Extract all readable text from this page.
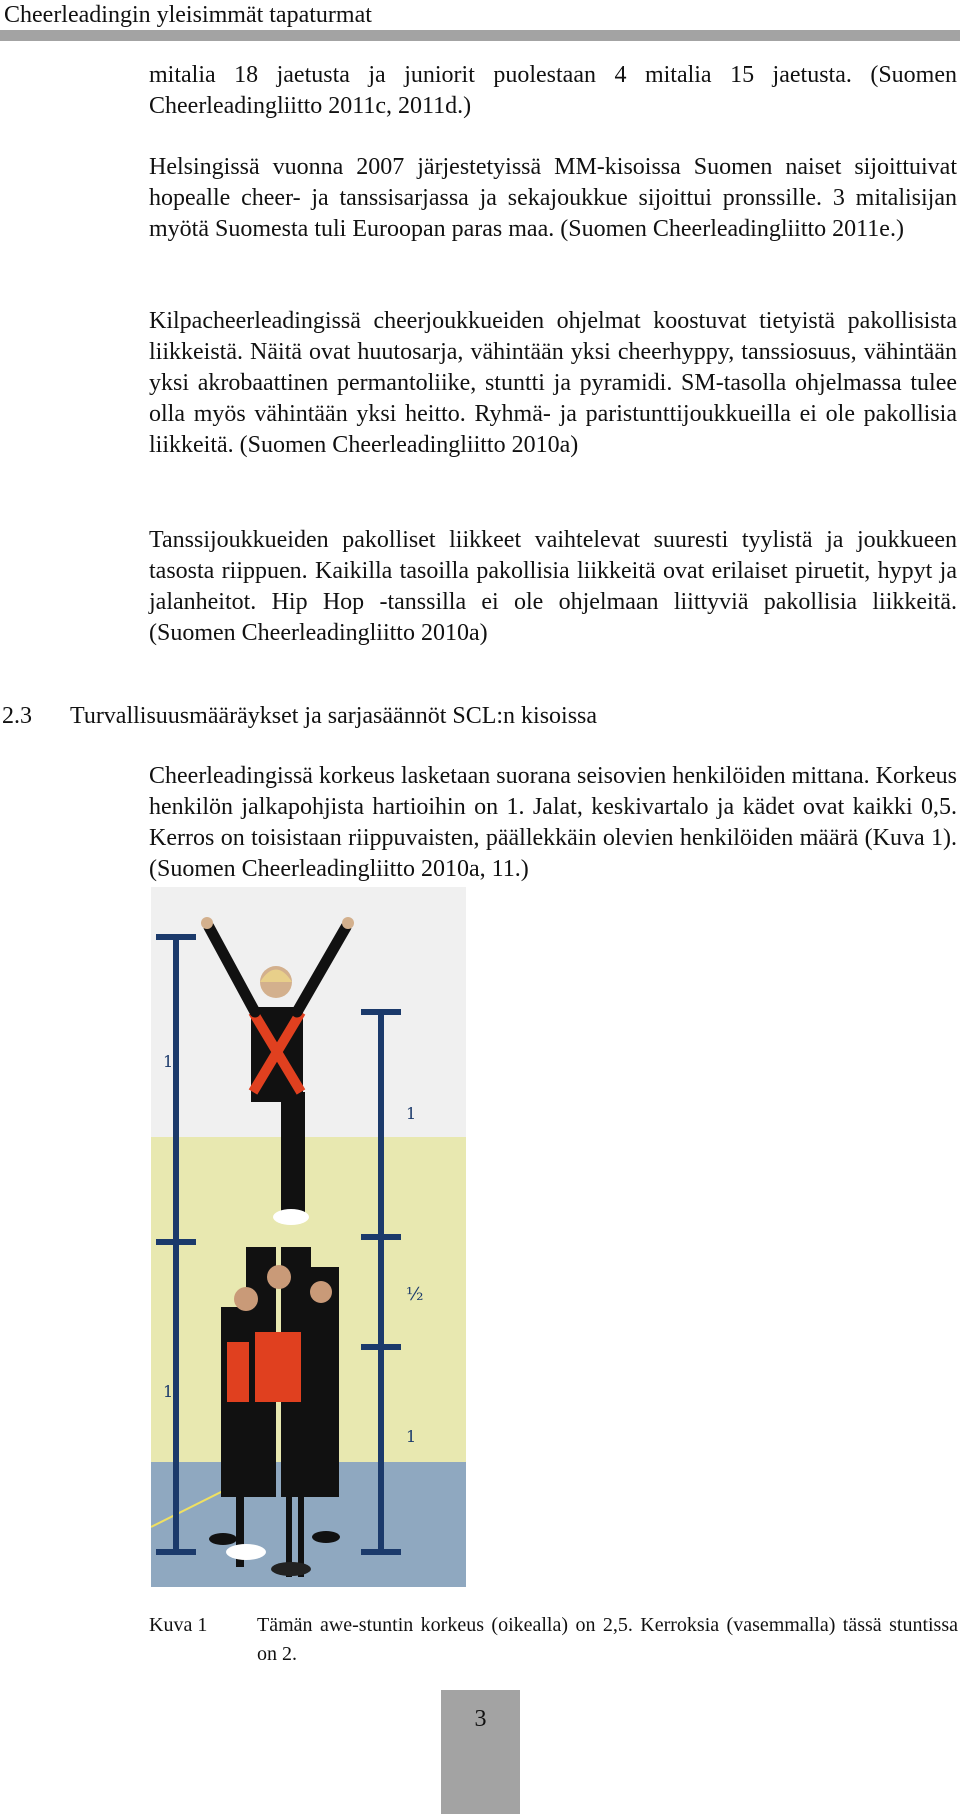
Cheerleadingin yleisimmät tapaturmat

mitalia 18 jaetusta ja juniorit puolestaan 4 mitalia 15 jaetusta. (Suomen Cheerleadingliitto 2011c, 2011d.)

Helsingissä vuonna 2007 järjestetyissä MM-kisoissa Suomen naiset sijoittuivat hopealle cheer- ja tanssisarjassa ja sekajoukkue sijoittui pronssille. 3 mitalisijan myötä Suomesta tuli Euroopan paras maa. (Suomen Cheerleadingliitto 2011e.)

Kilpacheerleadingissä cheerjoukkueiden ohjelmat koostuvat tietyistä pakollisista liikkeistä. Näitä ovat huutosarja, vähintään yksi cheerhyppy, tanssiosuus, vähintään yksi akrobaattinen permantoliike, stuntti ja pyramidi. SM-tasolla ohjelmassa tulee olla myös vähintään yksi heitto. Ryhmä- ja paristunttijoukkueilla ei ole pakollisia liikkeitä. (Suomen Cheerleadingliitto 2010a)

Tanssijoukkueiden pakolliset liikkeet vaihtelevat suuresti tyylistä ja joukkueen tasosta riippuen. Kaikilla tasoilla pakollisia liikkeitä ovat erilaiset piruetit, hypyt ja jalanheitot. Hip Hop -tanssilla ei ole ohjelmaan liittyviä pakollisia liikkeitä. (Suomen Cheerleadingliitto 2010a)

2.3 Turvallisuusmääräykset ja sarjasäännöt SCL:n kisoissa

Cheerleadingissä korkeus lasketaan suorana seisovien henkilöiden mittana. Korkeus henkilön jalkapohjista hartioihin on 1. Jalat, keskivartalo ja kädet ovat kaikki 0,5. Kerros on toisistaan riippuvaisten, päällekkäin olevien henkilöiden määrä (Kuva 1). (Suomen Cheerleadingliitto 2010a, 11.)

1
1
1
½
1
Kuva 1 Tämän awe-stuntin korkeus (oikealla) on 2,5. Kerroksia (vasemmalla) tässä stuntissa on 2.
3
